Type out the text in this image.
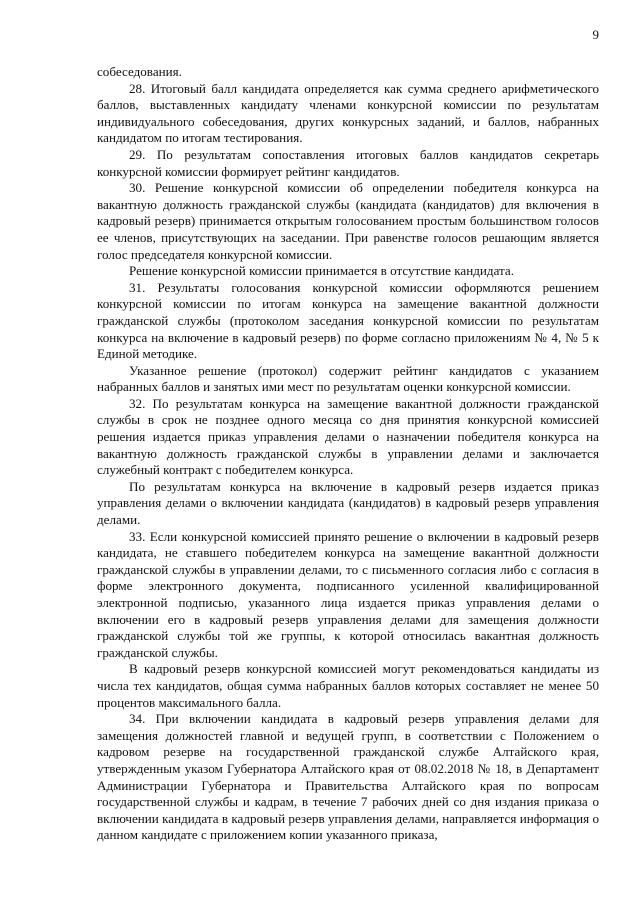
9

собеседования.

28. Итоговый балл кандидата определяется как сумма среднего арифметического баллов, выставленных кандидату членами конкурсной комиссии по результатам индивидуального собеседования, других конкурсных заданий, и баллов, набранных кандидатом по итогам тестирования.

29. По результатам сопоставления итоговых баллов кандидатов секретарь конкурсной комиссии формирует рейтинг кандидатов.

30. Решение конкурсной комиссии об определении победителя конкурса на вакантную должность гражданской службы (кандидата (кандидатов) для включения в кадровый резерв) принимается открытым голосованием простым большинством голосов ее членов, присутствующих на заседании. При равенстве голосов решающим является голос председателя конкурсной комиссии.

Решение конкурсной комиссии принимается в отсутствие кандидата.

31. Результаты голосования конкурсной комиссии оформляются решением конкурсной комиссии по итогам конкурса на замещение вакантной должности гражданской службы (протоколом заседания конкурсной комиссии по результатам конкурса на включение в кадровый резерв) по форме согласно приложениям № 4, № 5 к Единой методике.

Указанное решение (протокол) содержит рейтинг кандидатов с указанием набранных баллов и занятых ими мест по результатам оценки конкурсной комиссии.

32. По результатам конкурса на замещение вакантной должности гражданской службы в срок не позднее одного месяца со дня принятия конкурсной комиссией решения издается приказ управления делами о назначении победителя конкурса на вакантную должность гражданской службы в управлении делами и заключается служебный контракт с победителем конкурса.

По результатам конкурса на включение в кадровый резерв издается приказ управления делами о включении кандидата (кандидатов) в кадровый резерв управления делами.

33. Если конкурсной комиссией принято решение о включении в кадровый резерв кандидата, не ставшего победителем конкурса на замещение вакантной должности гражданской службы в управлении делами, то с письменного согласия либо с согласия в форме электронного документа, подписанного усиленной квалифицированной электронной подписью, указанного лица издается приказ управления делами о включении его в кадровый резерв управления делами для замещения должности гражданской службы той же группы, к которой относилась вакантная должность гражданской службы.

В кадровый резерв конкурсной комиссией могут рекомендоваться кандидаты из числа тех кандидатов, общая сумма набранных баллов которых составляет не менее 50 процентов максимального балла.

34. При включении кандидата в кадровый резерв управления делами для замещения должностей главной и ведущей групп, в соответствии с Положением о кадровом резерве на государственной гражданской службе Алтайского края, утвержденным указом Губернатора Алтайского края от 08.02.2018 № 18, в Департамент Администрации Губернатора и Правительства Алтайского края по вопросам государственной службы и кадрам, в течение 7 рабочих дней со дня издания приказа о включении кандидата в кадровый резерв управления делами, направляется информация о данном кандидате с приложением копии указанного приказа,
